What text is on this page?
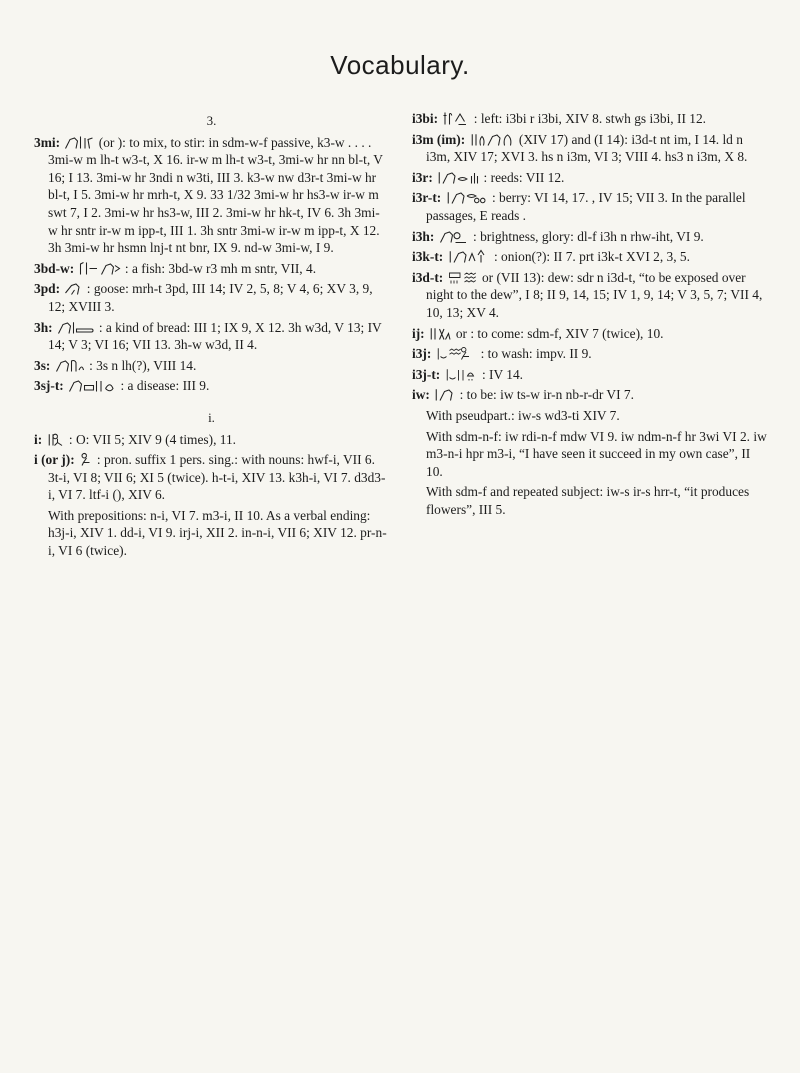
Vocabulary.
3.
3mi:	(or ): to mix, to stir: in sdm-w-f passive, k3-w . . . . 3mi-w m lh-t w3-t, X 16. ir-w m lh-t w3-t, 3mi-w hr nn bl-t, V 16; I 13. 3mi-w hr 3ndi n w3ti, III 3. k3-w nw d3r-t 3mi-w hr bl-t, I 5. 3mi-w hr mrh-t, X 9. 33 1/32 3mi-w hr hs3-w ir-w m swt 7, I 2. 3mi-w hr hs3-w, III 2. 3mi-w hr hk-t, IV 6. 3h 3mi-w hr sntr ir-w m ipp-t, III 1. 3h sntr 3mi-w ir-w m ipp-t, X 12. 3h 3mi-w hr hsmn lnj-t nt bnr, IX 9. nd-w 3mi-w, I 9.
3bd-w:	: a fish: 3bd-w r3 mh m sntr, VII, 4.
3pd: : goose: mrh-t 3pd, III 14; IV 2, 5, 8; V 4, 6; XV 3, 9, 12; XVIII 3.
3h:	: a kind of bread: III 1; IX 9, X 12. 3h w3d, V 13; IV 14; V 3; VI 16; VII 13. 3h-w w3d, II 4.
3s:	: 3s n lh(?), VIII 14.
3sj-t:	: a disease: III 9.
i.
i: : O: VII 5; XIV 9 (4 times), 11.
i (or j): : pron. suffix 1 pers. sing.: with nouns: hwf-i, VII 6. 3t-i, VI 8; VII 6; XI 5 (twice). h-t-i, XIV 13. k3h-i, VI 7. d3d3-i, VI 7. ltf-i (), XIV 6.
With prepositions: n-i, VI 7. m3-i, II 10. As a verbal ending: h3j-i, XIV 1. dd-i, VI 9. irj-i, XII 2. in-n-i, VII 6; XIV 12. pr-n-i, VI 6 (twice).
i3bi:	: left: i3bi r i3bi, XIV 8. stwh gs i3bi, II 12.
i3m (im):	(XIV 17) and (I 14): i3d-t nt im, I 14. ld n i3m, XIV 17; XVI 3. hs n i3m, VI 3; VIII 4. hs3 n i3m, X 8.
i3r:	: reeds: VII 12.
i3r-t:	: berry: VI 14, 17. , IV 15; VII 3. In the parallel passages, E reads .
i3h:	: brightness, glory: dl-f i3h n rhw-iht, VI 9.
i3k-t:	: onion(?): II 7. prt i3k-t XVI 2, 3, 5.
i3d-t:	or (VII 13): dew: sdr n i3d-t, “to be exposed over night to the dew”, I 8; II 9, 14, 15; IV 1, 9, 14; V 3, 5, 7; VII 4, 10, 13; XV 4.
ij: or : to come: sdm-f, XIV 7 (twice), 10.
i3j:	: to wash: impv. II 9.
i3j-t:	: IV 14.
iw: : to be: iw ts-w ir-n nb-r-dr VI 7.
With pseudpart.: iw-s wd3-ti XIV 7.
With sdm-n-f: iw rdi-n-f mdw VI 9. iw ndm-n-f hr 3wi VI 2. iw m3-n-i hpr m3-i, “I have seen it succeed in my own case”, II 10.
With sdm-f and repeated subject: iw-s ir-s hrr-t, “it produces flowers”, III 5.
